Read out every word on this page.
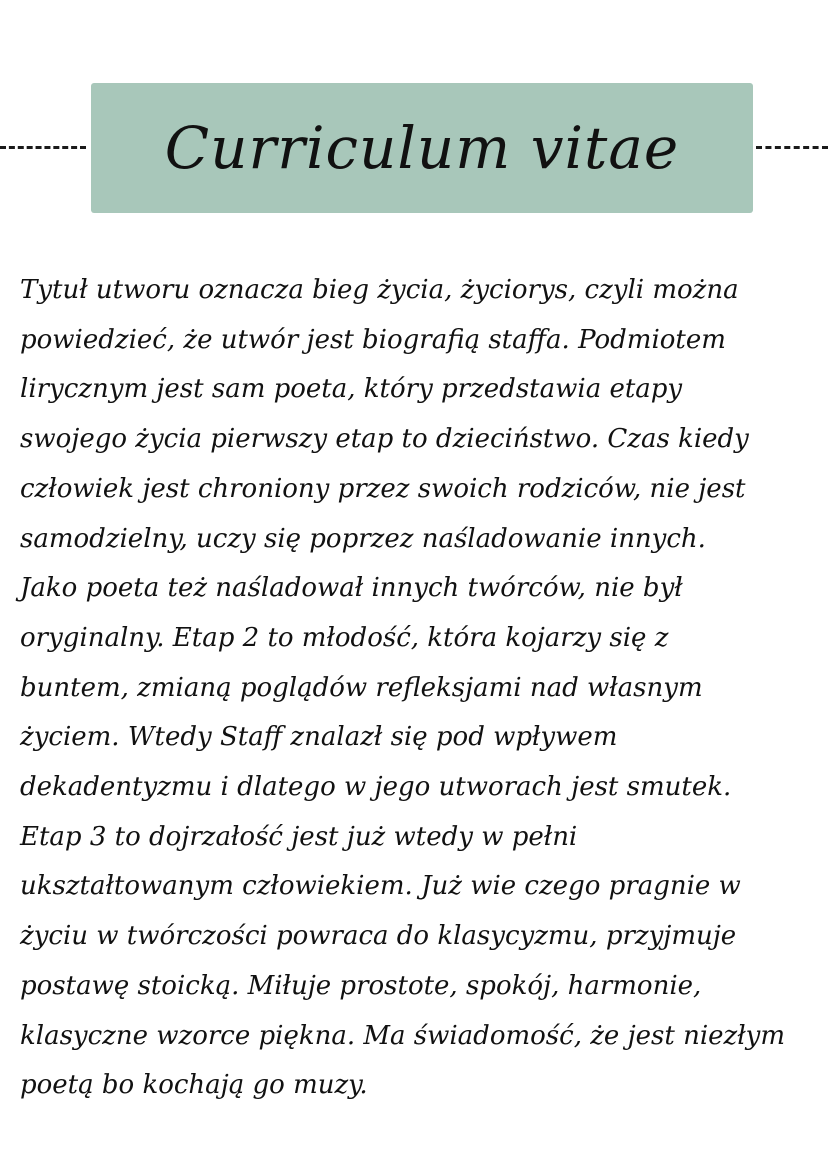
Curriculum vitae

Tytuł utworu oznacza bieg życia, życiorys, czyli można
powiedzieć, że utwór jest biografią staffa. Podmiotem
lirycznym jest sam poeta, który przedstawia etapy
swojego życia pierwszy etap to dzieciństwo. Czas kiedy
człowiek jest chroniony przez swoich rodziców, nie jest
samodzielny, uczy się poprzez naśladowanie innych.
Jako poeta też naśladował innych twórców, nie był
oryginalny. Etap 2 to młodość, która kojarzy się z
buntem, zmianą poglądów refleksjami nad własnym
życiem. Wtedy Staff znalazł się pod wpływem
dekadentyzmu i dlatego w jego utworach jest smutek.
Etap 3 to dojrzałość jest już wtedy w pełni
ukształtowanym człowiekiem. Już wie czego pragnie w
życiu w twórczości powraca do klasycyzmu, przyjmuje
postawę stoicką. Miłuje prostote, spokój, harmonie,
klasyczne wzorce piękna. Ma świadomość, że jest niezłym
poetą bo kochają go muzy.
